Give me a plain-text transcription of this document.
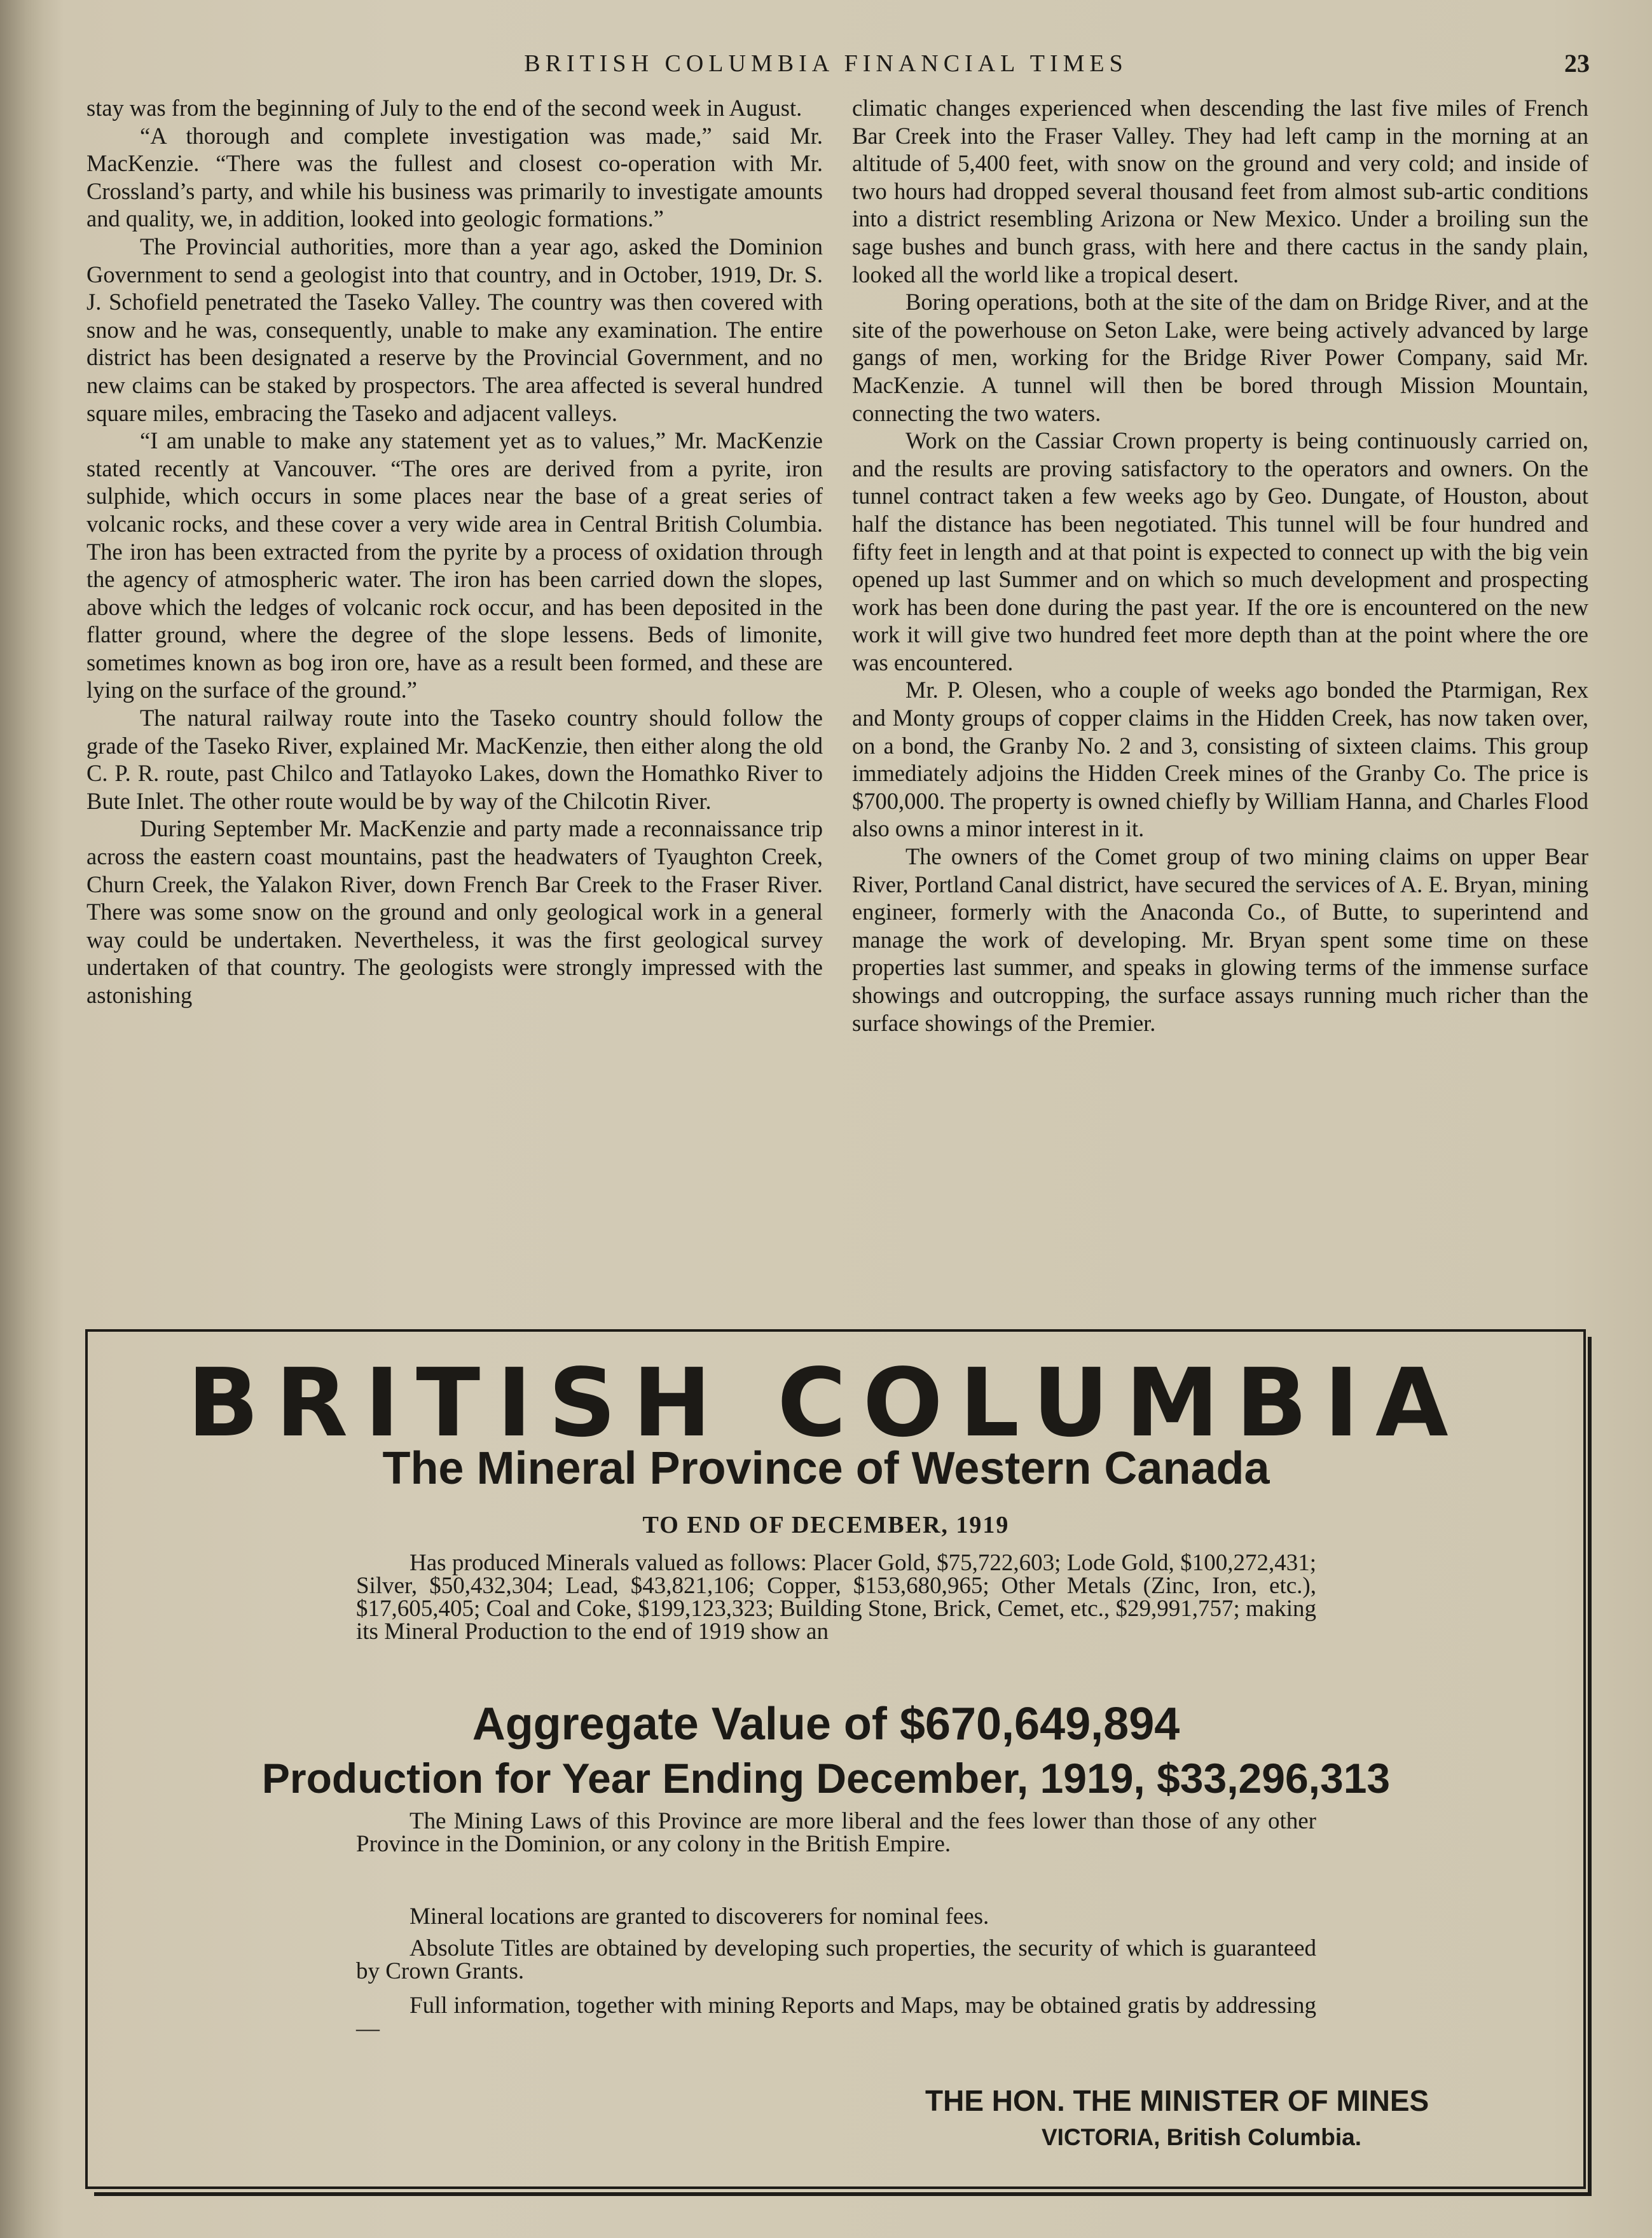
BRITISH COLUMBIA FINANCIAL TIMES	23

stay was from the beginning of July to the end of the second week in August.

“A thorough and complete investigation was made,” said Mr. MacKenzie. “There was the fullest and closest co-operation with Mr. Crossland’s party, and while his business was primarily to investigate amounts and quality, we, in addition, looked into geologic formations.”

The Provincial authorities, more than a year ago, asked the Dominion Government to send a geologist into that country, and in October, 1919, Dr. S. J. Schofield penetrated the Taseko Valley. The country was then covered with snow and he was, consequently, unable to make any examination. The entire district has been designated a reserve by the Provincial Government, and no new claims can be staked by prospectors. The area affected is several hundred square miles, embracing the Taseko and adjacent valleys.

“I am unable to make any statement yet as to values,” Mr. MacKenzie stated recently at Vancouver. “The ores are derived from a pyrite, iron sulphide, which occurs in some places near the base of a great series of volcanic rocks, and these cover a very wide area in Central British Columbia. The iron has been extracted from the pyrite by a process of oxidation through the agency of atmospheric water. The iron has been carried down the slopes, above which the ledges of volcanic rock occur, and has been deposited in the flatter ground, where the degree of the slope lessens. Beds of limonite, sometimes known as bog iron ore, have as a result been formed, and these are lying on the surface of the ground.”

The natural railway route into the Taseko country should follow the grade of the Taseko River, explained Mr. MacKenzie, then either along the old C. P. R. route, past Chilco and Tatlayoko Lakes, down the Homathko River to Bute Inlet. The other route would be by way of the Chilcotin River.

During September Mr. MacKenzie and party made a reconnaissance trip across the eastern coast mountains, past the headwaters of Tyaughton Creek, Churn Creek, the Yalakon River, down French Bar Creek to the Fraser River. There was some snow on the ground and only geological work in a general way could be undertaken. Nevertheless, it was the first geological survey undertaken of that country. The geologists were strongly impressed with the astonishing

climatic changes experienced when descending the last five miles of French Bar Creek into the Fraser Valley. They had left camp in the morning at an altitude of 5,400 feet, with snow on the ground and very cold; and inside of two hours had dropped several thousand feet from almost sub-artic conditions into a district resembling Arizona or New Mexico. Under a broiling sun the sage bushes and bunch grass, with here and there cactus in the sandy plain, looked all the world like a tropical desert.

Boring operations, both at the site of the dam on Bridge River, and at the site of the powerhouse on Seton Lake, were being actively advanced by large gangs of men, working for the Bridge River Power Company, said Mr. MacKenzie. A tunnel will then be bored through Mission Mountain, connecting the two waters.

Work on the Cassiar Crown property is being continuously carried on, and the results are proving satisfactory to the operators and owners. On the tunnel contract taken a few weeks ago by Geo. Dungate, of Houston, about half the distance has been negotiated. This tunnel will be four hundred and fifty feet in length and at that point is expected to connect up with the big vein opened up last Summer and on which so much development and prospecting work has been done during the past year. If the ore is encountered on the new work it will give two hundred feet more depth than at the point where the ore was encountered.

Mr. P. Olesen, who a couple of weeks ago bonded the Ptarmigan, Rex and Monty groups of copper claims in the Hidden Creek, has now taken over, on a bond, the Granby No. 2 and 3, consisting of sixteen claims. This group immediately adjoins the Hidden Creek mines of the Granby Co. The price is $700,000. The property is owned chiefly by William Hanna, and Charles Flood also owns a minor interest in it.

The owners of the Comet group of two mining claims on upper Bear River, Portland Canal district, have secured the services of A. E. Bryan, mining engineer, formerly with the Anaconda Co., of Butte, to superintend and manage the work of developing. Mr. Bryan spent some time on these properties last summer, and speaks in glowing terms of the immense surface showings and outcropping, the surface assays running much richer than the surface showings of the Premier.

BRITISH COLUMBIA
The Mineral Province of Western Canada
TO END OF DECEMBER, 1919
Has produced Minerals valued as follows: Placer Gold, $75,722,603; Lode Gold, $100,272,431; Silver, $50,432,304; Lead, $43,821,106; Copper, $153,680,965; Other Metals (Zinc, Iron, etc.), $17,605,405; Coal and Coke, $199,123,323; Building Stone, Brick, Cemet, etc., $29,991,757; making its Mineral Production to the end of 1919 show an
Aggregate Value of $670,649,894
Production for Year Ending December, 1919, $33,296,313
The Mining Laws of this Province are more liberal and the fees lower than those of any other Province in the Dominion, or any colony in the British Empire.
Mineral locations are granted to discoverers for nominal fees.
Absolute Titles are obtained by developing such properties, the security of which is guaranteed by Crown Grants.
Full information, together with mining Reports and Maps, may be obtained gratis by addressing—
THE HON. THE MINISTER OF MINES
VICTORIA, British Columbia.
